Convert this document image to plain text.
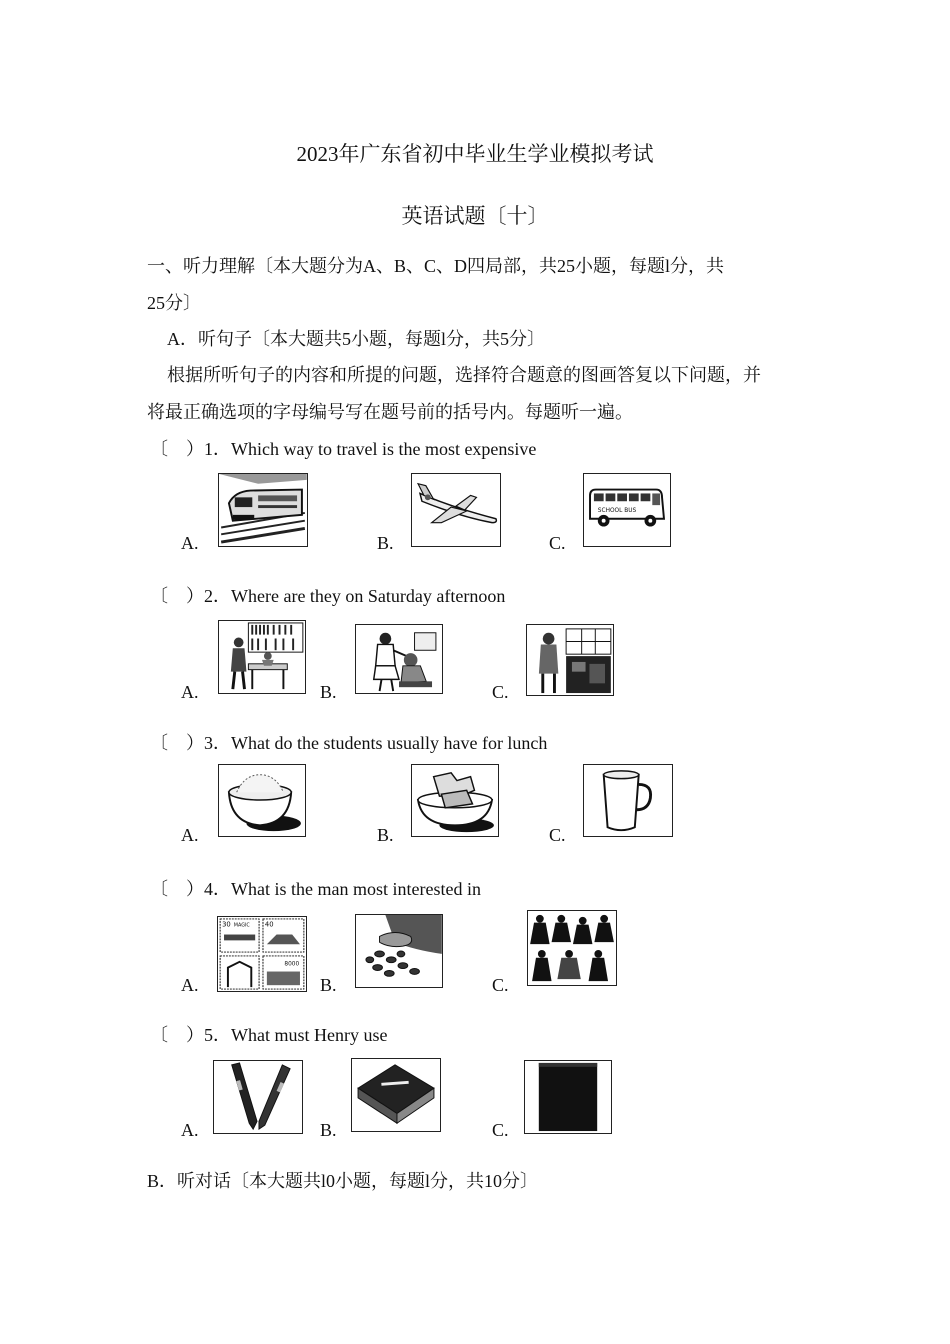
2023年广东省初中毕业生学业模拟考试
英语试题〔十〕
一、听力理解〔本大题分为A、B、C、D四局部，共25小题，每题l分，共
25分〕
A．听句子〔本大题共5小题，每题l分，共5分〕
根据所听句子的内容和所提的问题，选择符合题意的图画答复以下问题，并
将最正确选项的字母编号写在题号前的括号内。每题听一遍。
〔　）1．Which way to travel is the most expensive
A.	B.	C.
SCHOOL BUS
〔　）2．Where are they on Saturday afternoon
A.	B.	C.
〔　）3．What do the students usually have for lunch
A.	B.	C.
〔　）4．What is the man most interested in
A.
30 MAGIC 40
8000
B.	C.
〔　）5．What must Henry use
A.	B.	C.
B．听对话〔本大题共l0小题，每题l分，共10分〕
